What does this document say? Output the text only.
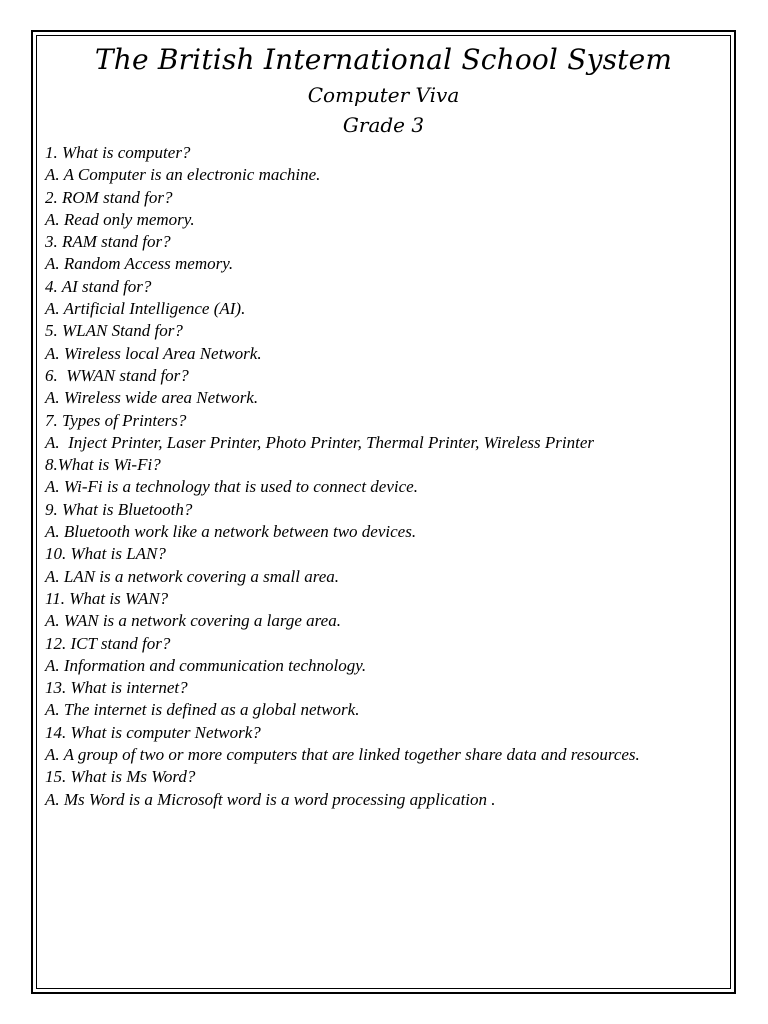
The British International School System
Computer Viva
Grade 3
1. What is computer?
A. A Computer is an electronic machine.
2. ROM stand for?
A. Read only memory.
3. RAM stand for?
A. Random Access memory.
4. AI stand for?
A. Artificial Intelligence (AI).
5. WLAN Stand for?
A. Wireless local Area Network.
6.  WWAN stand for?
A. Wireless wide area Network.
7. Types of Printers?
A.  Inject Printer, Laser Printer, Photo Printer, Thermal Printer, Wireless Printer
8.What is Wi-Fi?
A. Wi-Fi is a technology that is used to connect device.
9. What is Bluetooth?
A. Bluetooth work like a network between two devices.
10. What is LAN?
A. LAN is a network covering a small area.
11. What is WAN?
A. WAN is a network covering a large area.
12. ICT stand for?
A. Information and communication technology.
13. What is internet?
A. The internet is defined as a global network.
14. What is computer Network?
A. A group of two or more computers that are linked together share data and resources.
15. What is Ms Word?
A. Ms Word is a Microsoft word is a word processing application .
